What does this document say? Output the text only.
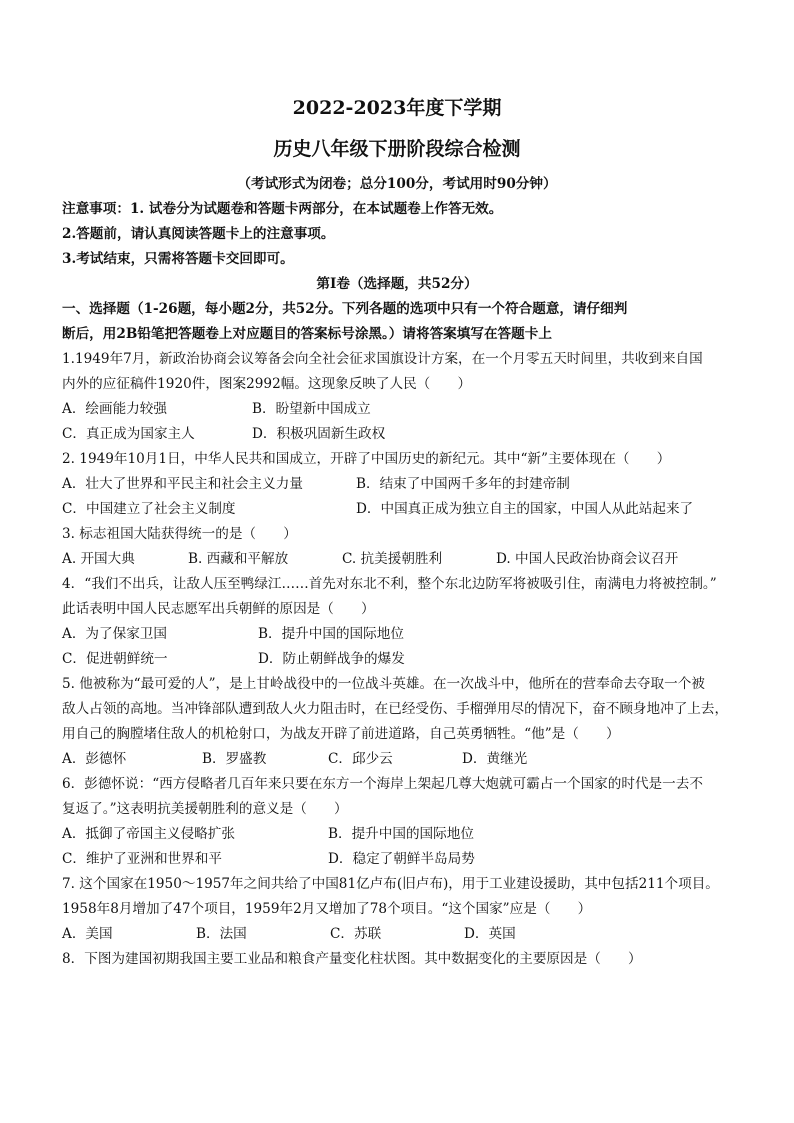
2022-2023年度下学期
历史八年级下册阶段综合检测
（考试形式为闭卷；总分100分，考试用时90分钟）
注意事项：1. 试卷分为试题卷和答题卡两部分，在本试题卷上作答无效。
2.答题前，请认真阅读答题卡上的注意事项。
3.考试结束，只需将答题卡交回即可。
第Ⅰ卷（选择题，共52分）
一、选择题（1-26题，每小题2分，共52分。下列各题的选项中只有一个符合题意，请仔细判
断后，用2B铅笔把答题卷上对应题目的答案标号涂黑。）请将答案填写在答题卡上
1.1949年7月，新政治协商会议筹备会向全社会征求国旗设计方案，在一个月零五天时间里，共收到来自国
内外的应征稿件1920件，图案2992幅。这现象反映了人民（　　）
A．绘画能力较强	B．盼望新中国成立
C．真正成为国家主人	D．积极巩固新生政权
2. 1949年10月1日，中华人民共和国成立，开辟了中国历史的新纪元。其中“新”主要体现在（　　）
A．壮大了世界和平民主和社会主义力量	B．结束了中国两千多年的封建帝制
C．中国建立了社会主义制度	D．中国真正成为独立自主的国家，中国人从此站起来了
3. 标志祖国大陆获得统一的是（　　）
A. 开国大典	B. 西藏和平解放	C. 抗美援朝胜利	D. 中国人民政治协商会议召开
4．“我们不出兵，让敌人压至鸭绿江……首先对东北不利，整个东北边防军将被吸引住，南满电力将被控制。”
此话表明中国人民志愿军出兵朝鲜的原因是（　　）
A．为了保家卫国	B．提升中国的国际地位
C．促进朝鲜统一	D．防止朝鲜战争的爆发
5. 他被称为“最可爱的人”，是上甘岭战役中的一位战斗英雄。在一次战斗中，他所在的营奉命去夺取一个被
敌人占领的高地。当冲锋部队遭到敌人火力阻击时，在已经受伤、手榴弹用尽的情况下，奋不顾身地冲了上去，
用自己的胸膛堵住敌人的机枪射口，为战友开辟了前进道路，自己英勇牺牲。“他”是（　　）
A．彭德怀	B．罗盛教	C．邱少云	D．黄继光
6．彭德怀说：“西方侵略者几百年来只要在东方一个海岸上架起几尊大炮就可霸占一个国家的时代是一去不
复返了。”这表明抗美援朝胜利的意义是（　　）
A．抵御了帝国主义侵略扩张	B．提升中国的国际地位
C．维护了亚洲和世界和平	D．稳定了朝鲜半岛局势
7. 这个国家在1950～1957年之间共给了中国81亿卢布(旧卢布)，用于工业建设援助，其中包括211个项目。
1958年8月增加了47个项目，1959年2月又增加了78个项目。“这个国家”应是（　　）
A．美国	B．法国	C．苏联	D．英国
8．下图为建国初期我国主要工业品和粮食产量变化柱状图。其中数据变化的主要原因是（　　）
